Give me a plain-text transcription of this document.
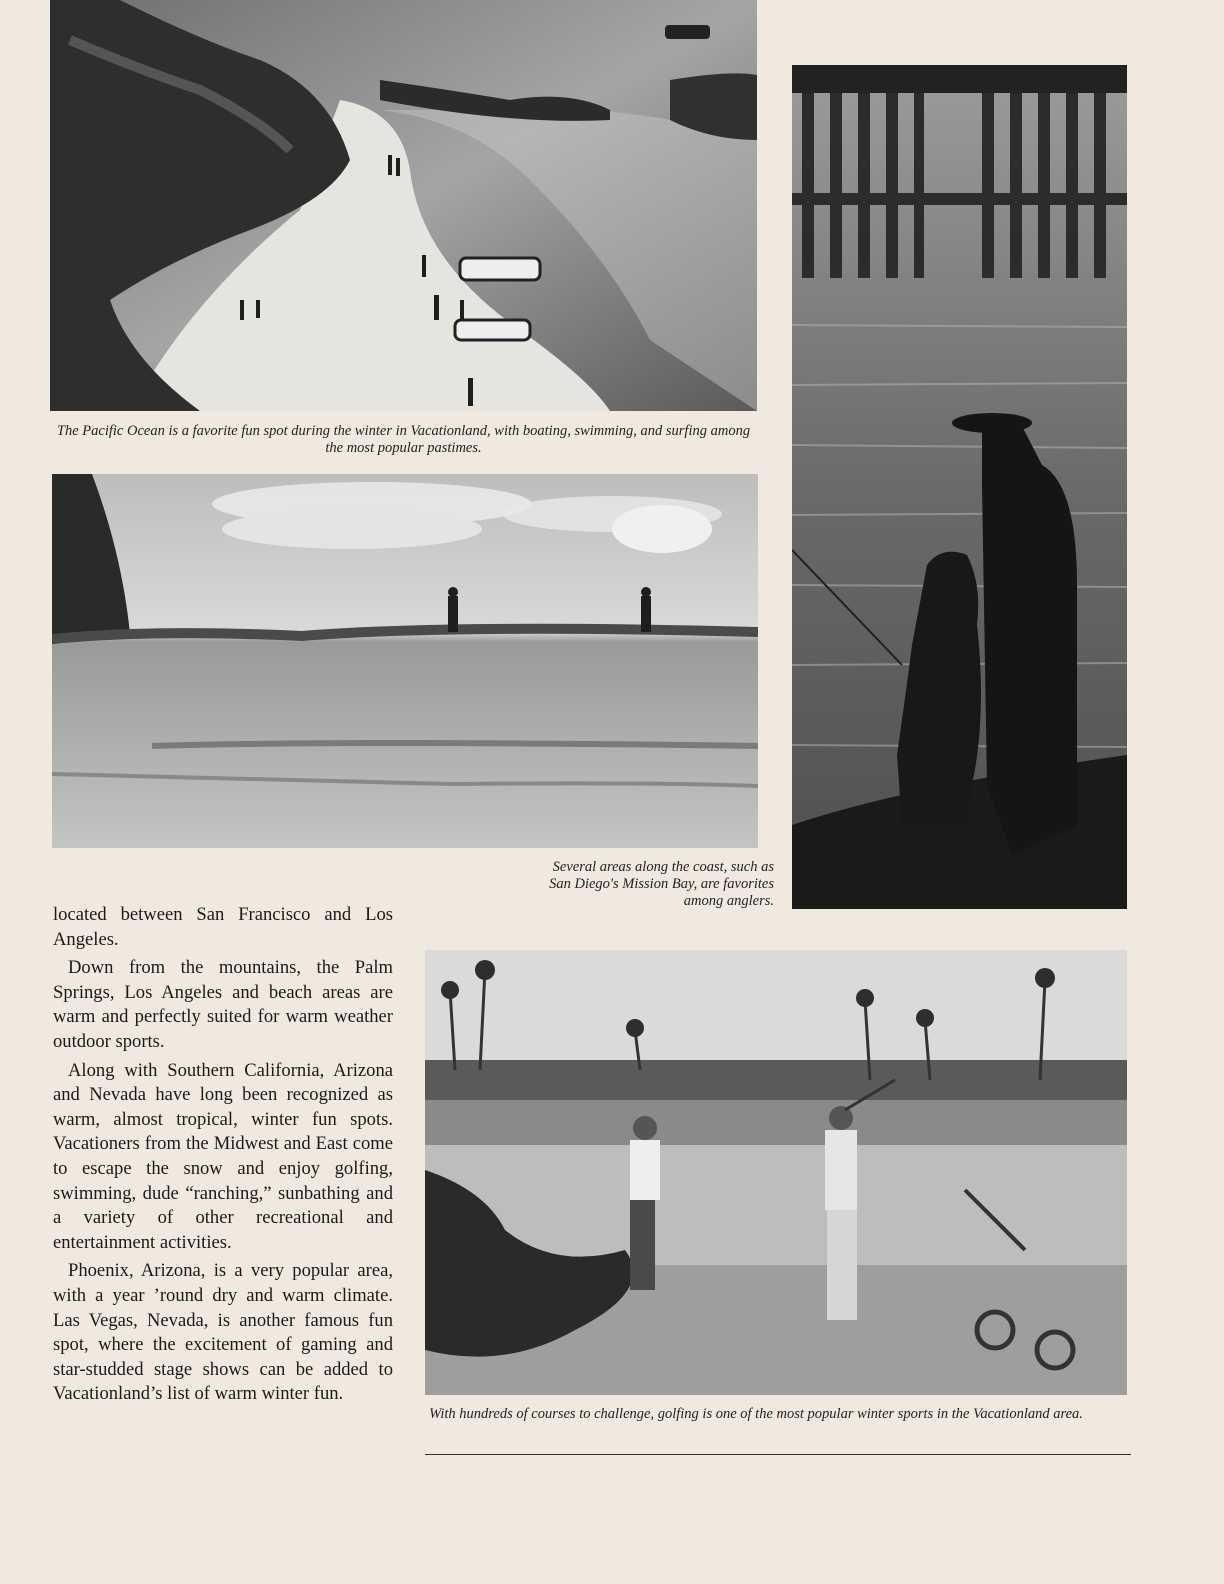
The Pacific Ocean is a favorite fun spot during the winter in Vacationland, with boating, swimming, and surfing among the most popular pastimes.
Several areas along the coast, such as San Diego's Mission Bay, are favorites among anglers.

located between San Francisco and Los Angeles.

Down from the mountains, the Palm Springs, Los Angeles and beach areas are warm and perfectly suited for warm weather outdoor sports.

Along with Southern California, Arizona and Nevada have long been recognized as warm, almost tropical, winter fun spots. Vacationers from the Midwest and East come to escape the snow and enjoy golfing, swimming, dude “ranching,” sunbathing and a variety of other recreational and entertainment activities.

Phoenix, Arizona, is a very popular area, with a year ’round dry and warm climate. Las Vegas, Nevada, is another famous fun spot, where the excitement of gaming and star-studded stage shows can be added to Vacationland’s list of warm winter fun.

With hundreds of courses to challenge, golfing is one of the most popular winter sports in the Vacationland area.
